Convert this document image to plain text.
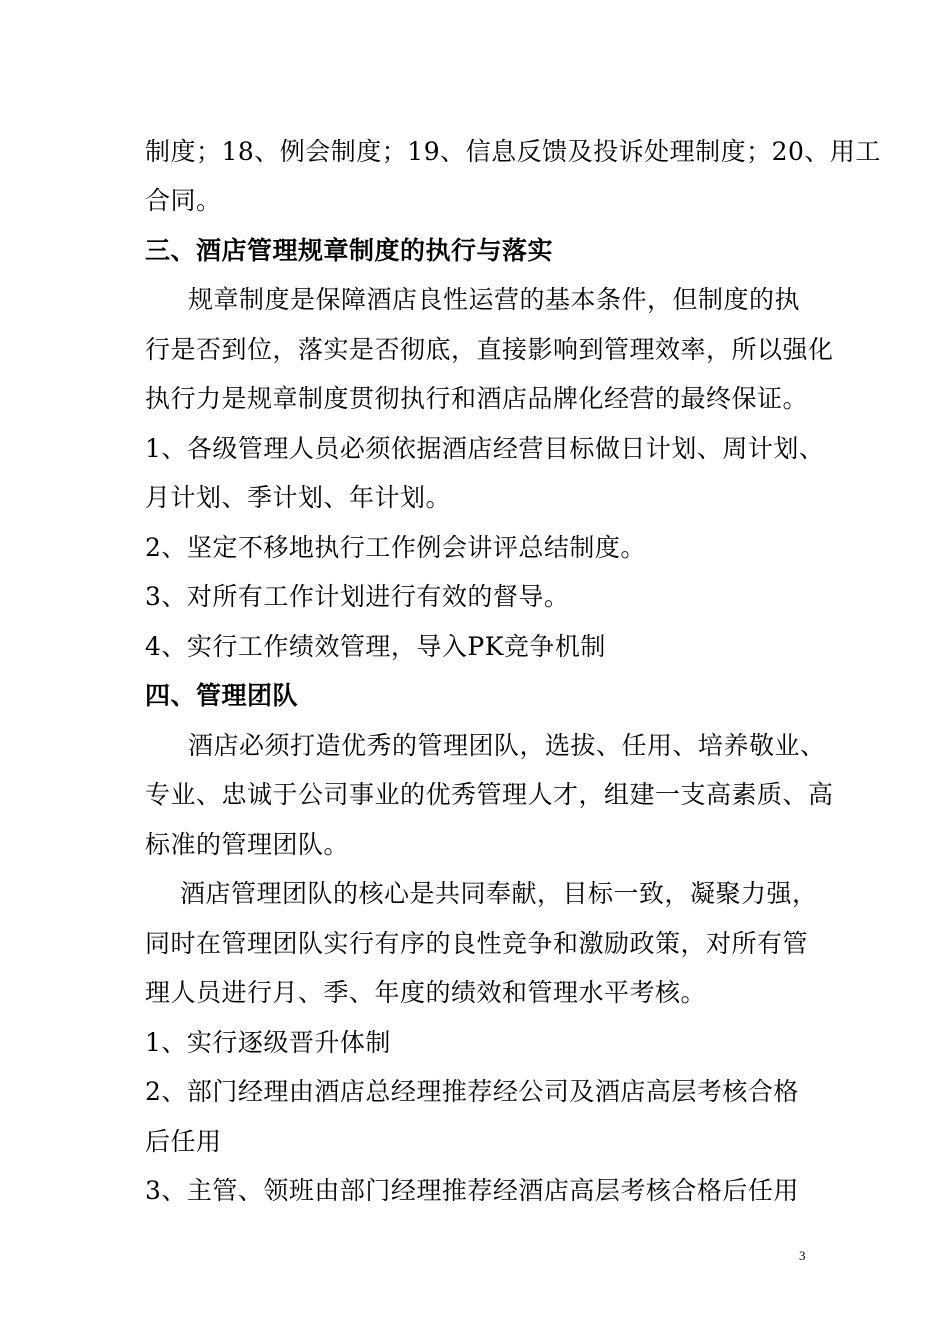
制度；18、例会制度；19、信息反馈及投诉处理制度；20、用工
合同。
三、酒店管理规章制度的执行与落实
规章制度是保障酒店良性运营的基本条件，但制度的执
行是否到位，落实是否彻底，直接影响到管理效率，所以强化
执行力是规章制度贯彻执行和酒店品牌化经营的最终保证。
1、各级管理人员必须依据酒店经营目标做日计划、周计划、
月计划、季计划、年计划。
2、坚定不移地执行工作例会讲评总结制度。
3、对所有工作计划进行有效的督导。
4、实行工作绩效管理，导入PK竞争机制
四、管理团队
酒店必须打造优秀的管理团队，选拔、任用、培养敬业、
专业、忠诚于公司事业的优秀管理人才，组建一支高素质、高
标准的管理团队。
酒店管理团队的核心是共同奉献，目标一致，凝聚力强，
同时在管理团队实行有序的良性竞争和激励政策，对所有管
理人员进行月、季、年度的绩效和管理水平考核。
1、实行逐级晋升体制
2、部门经理由酒店总经理推荐经公司及酒店高层考核合格
后任用
3、主管、领班由部门经理推荐经酒店高层考核合格后任用
3
